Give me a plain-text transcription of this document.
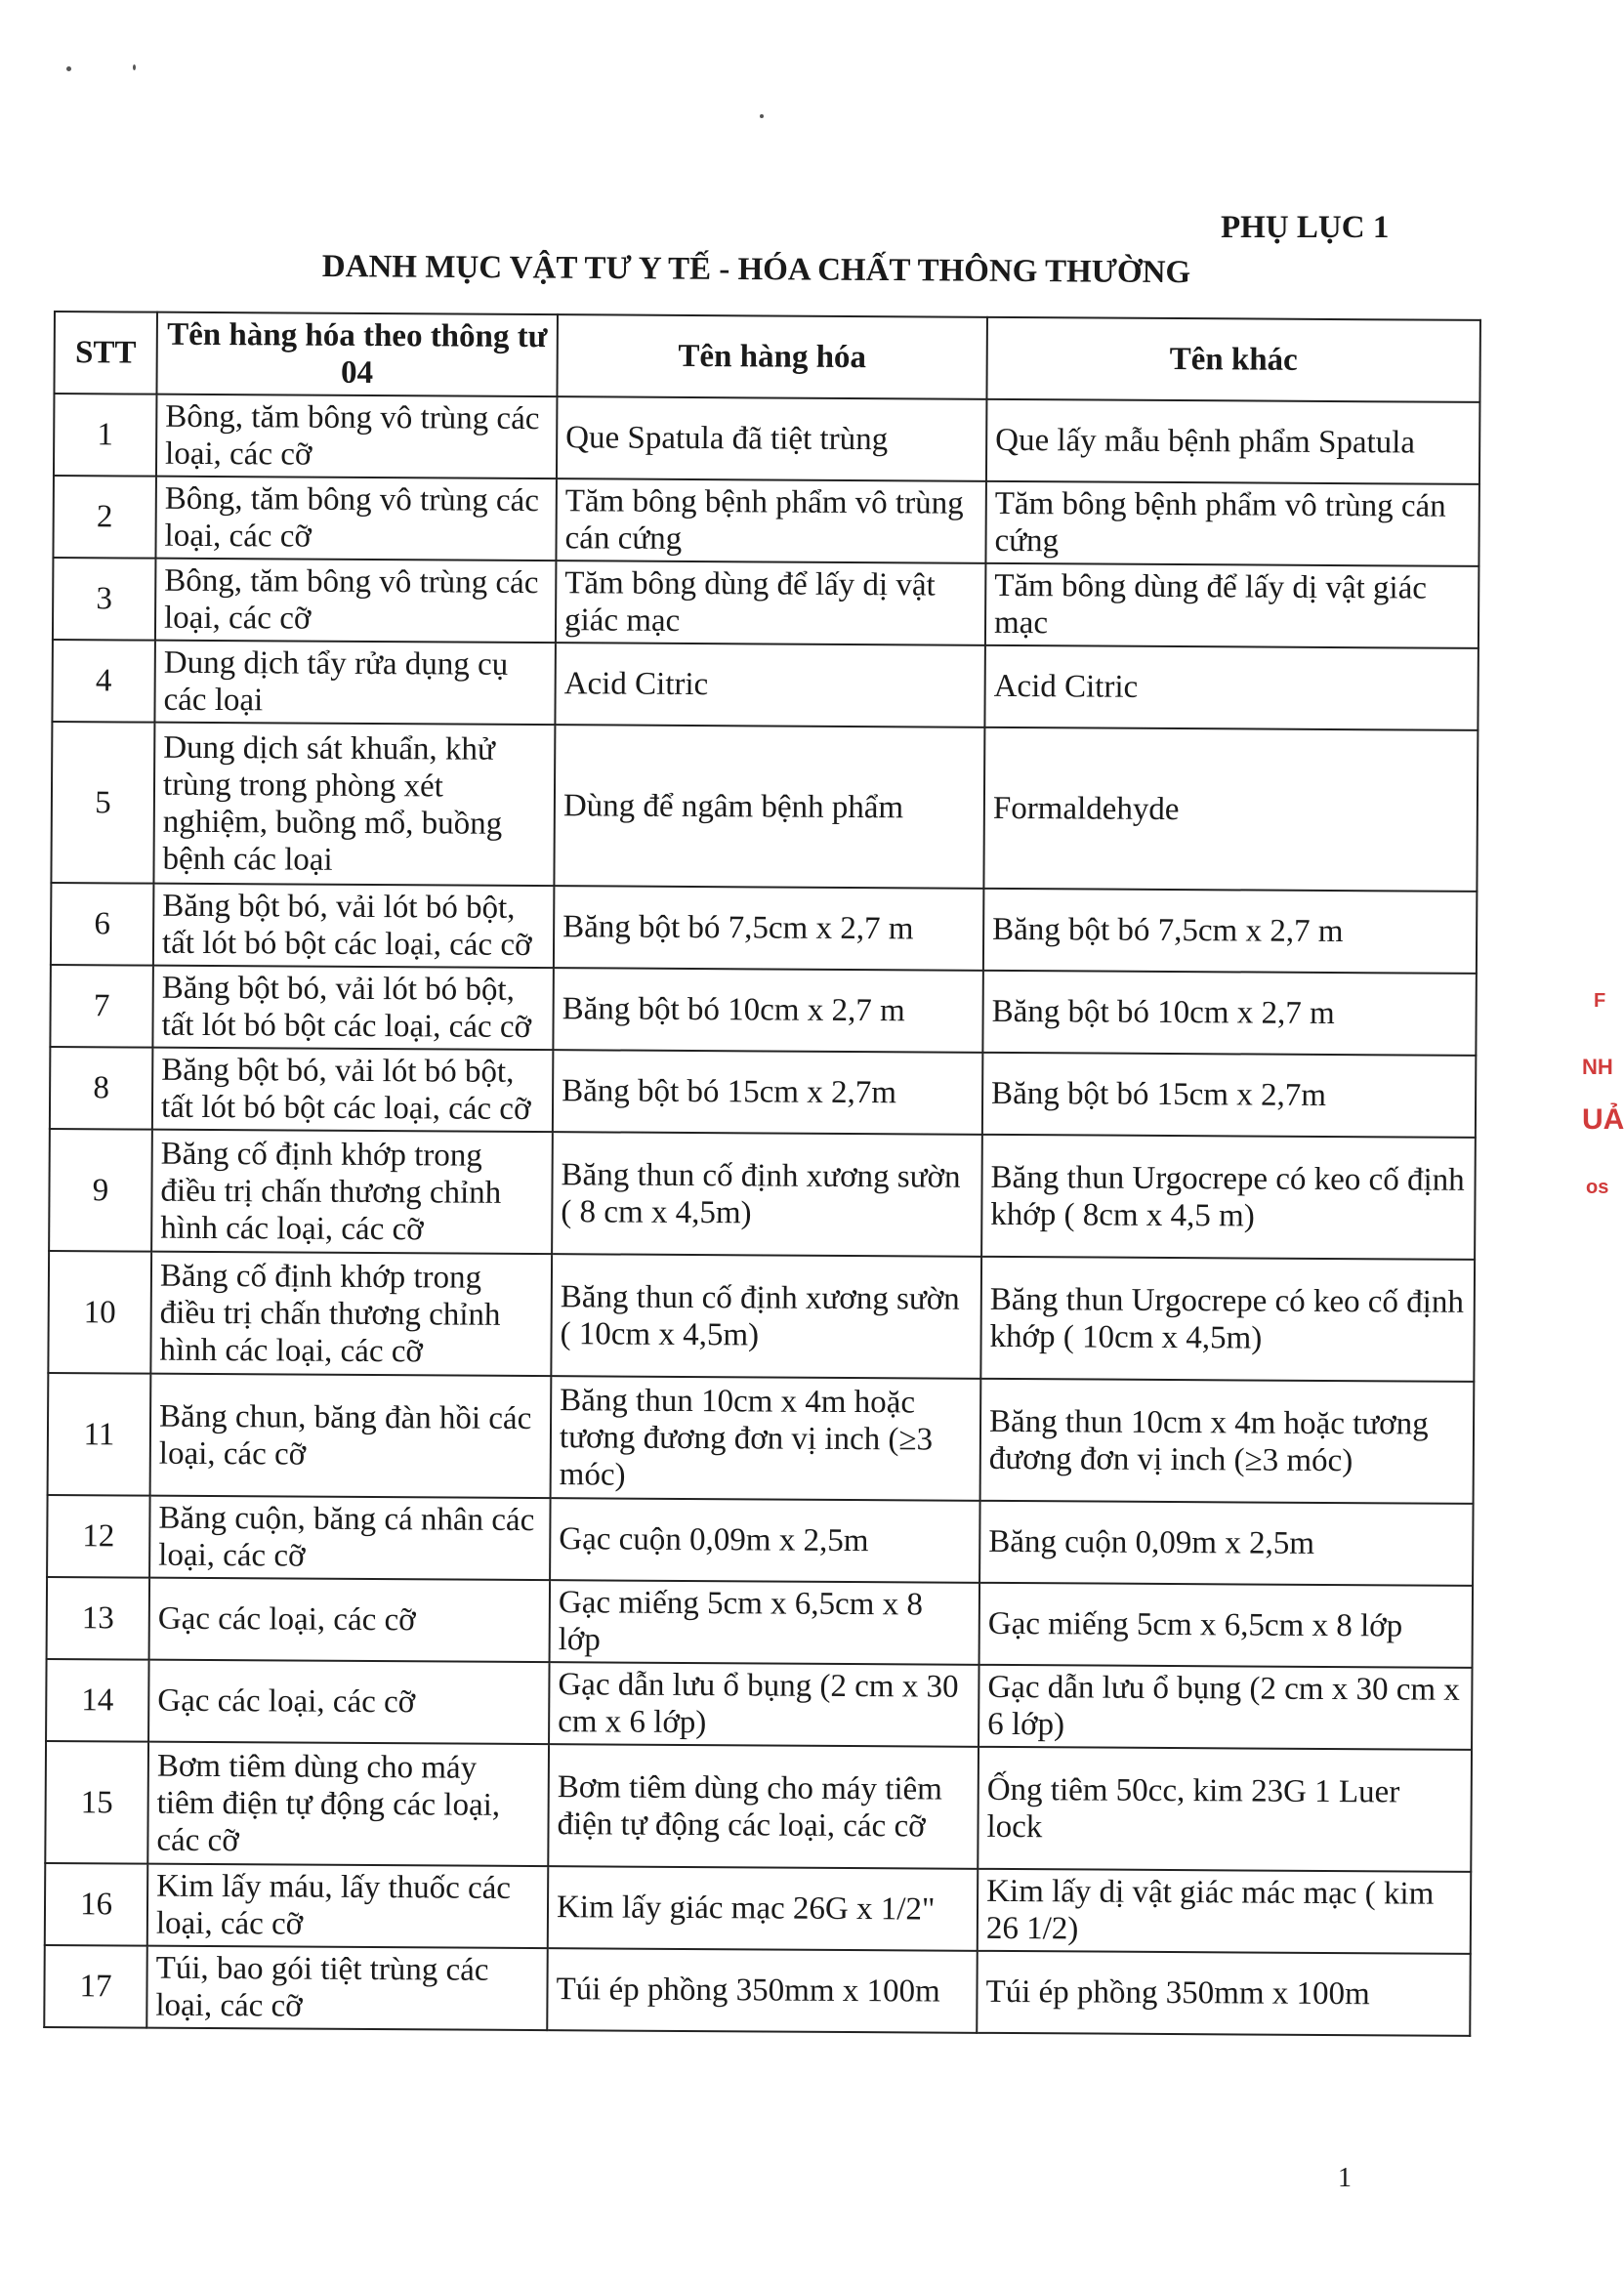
PHỤ LỤC 1
DANH MỤC VẬT TƯ Y TẾ - HÓA CHẤT THÔNG THƯỜNG
STT	Tên hàng hóa theo thông tư 04	Tên hàng hóa	Tên khác
1	Bông, tăm bông vô trùng các loại, các cỡ	Que Spatula đã tiệt trùng	Que lấy mẫu bệnh phẩm Spatula
2	Bông, tăm bông vô trùng các loại, các cỡ	Tăm bông bệnh phẩm vô trùng cán cứng	Tăm bông bệnh phẩm vô trùng cán cứng
3	Bông, tăm bông vô trùng các loại, các cỡ	Tăm bông dùng để lấy dị vật giác mạc	Tăm bông dùng để lấy dị vật giác mạc
4	Dung dịch tẩy rửa dụng cụ các loại	Acid Citric	Acid Citric
5	Dung dịch sát khuẩn, khử trùng trong phòng xét nghiệm, buồng mổ, buồng bệnh các loại	Dùng để ngâm bệnh phẩm	Formaldehyde
6	Băng bột bó, vải lót bó bột, tất lót bó bột các loại, các cỡ	Băng bột bó 7,5cm x 2,7 m	Băng bột bó 7,5cm x 2,7 m
7	Băng bột bó, vải lót bó bột, tất lót bó bột các loại, các cỡ	Băng bột bó 10cm x 2,7 m	Băng bột bó 10cm x 2,7 m
8	Băng bột bó, vải lót bó bột, tất lót bó bột các loại, các cỡ	Băng bột bó 15cm x 2,7m	Băng bột bó 15cm x 2,7m
9	Băng cố định khớp trong điều trị chấn thương chỉnh hình các loại, các cỡ	Băng thun cố định xương sườn ( 8 cm x 4,5m)	Băng thun Urgocrepe có keo cố định khớp ( 8cm x 4,5 m)
10	Băng cố định khớp trong điều trị chấn thương chỉnh hình các loại, các cỡ	Băng thun cố định xương sườn ( 10cm x 4,5m)	Băng thun Urgocrepe có keo cố định khớp ( 10cm x 4,5m)
11	Băng chun, băng đàn hồi các loại, các cỡ	Băng thun 10cm x 4m hoặc tương đương đơn vị inch (≥3 móc)	Băng thun 10cm x 4m hoặc tương đương đơn vị inch (≥3 móc)
12	Băng cuộn, băng cá nhân các loại, các cỡ	Gạc cuộn 0,09m x 2,5m	Băng cuộn 0,09m x 2,5m
13	Gạc các loại, các cỡ	Gạc miếng 5cm x 6,5cm x 8 lớp	Gạc miếng 5cm x 6,5cm x 8 lớp
14	Gạc các loại, các cỡ	Gạc dẫn lưu ổ bụng (2 cm x 30 cm x 6 lớp)	Gạc dẫn lưu ổ bụng (2 cm x 30 cm x 6 lớp)
15	Bơm tiêm dùng cho máy tiêm điện tự động các loại, các cỡ	Bơm tiêm dùng cho máy tiêm điện tự động các loại, các cỡ	Ống tiêm 50cc, kim 23G 1 Luer lock
16	Kim lấy máu, lấy thuốc các loại, các cỡ	Kim lấy giác mạc 26G x 1/2"	Kim lấy dị vật giác mác mạc ( kim 26 1/2)
17	Túi, bao gói tiệt trùng các loại, các cỡ	Túi ép phồng 350mm x 100m	Túi ép phồng 350mm x 100m
F
NH
UẢ
os
1
